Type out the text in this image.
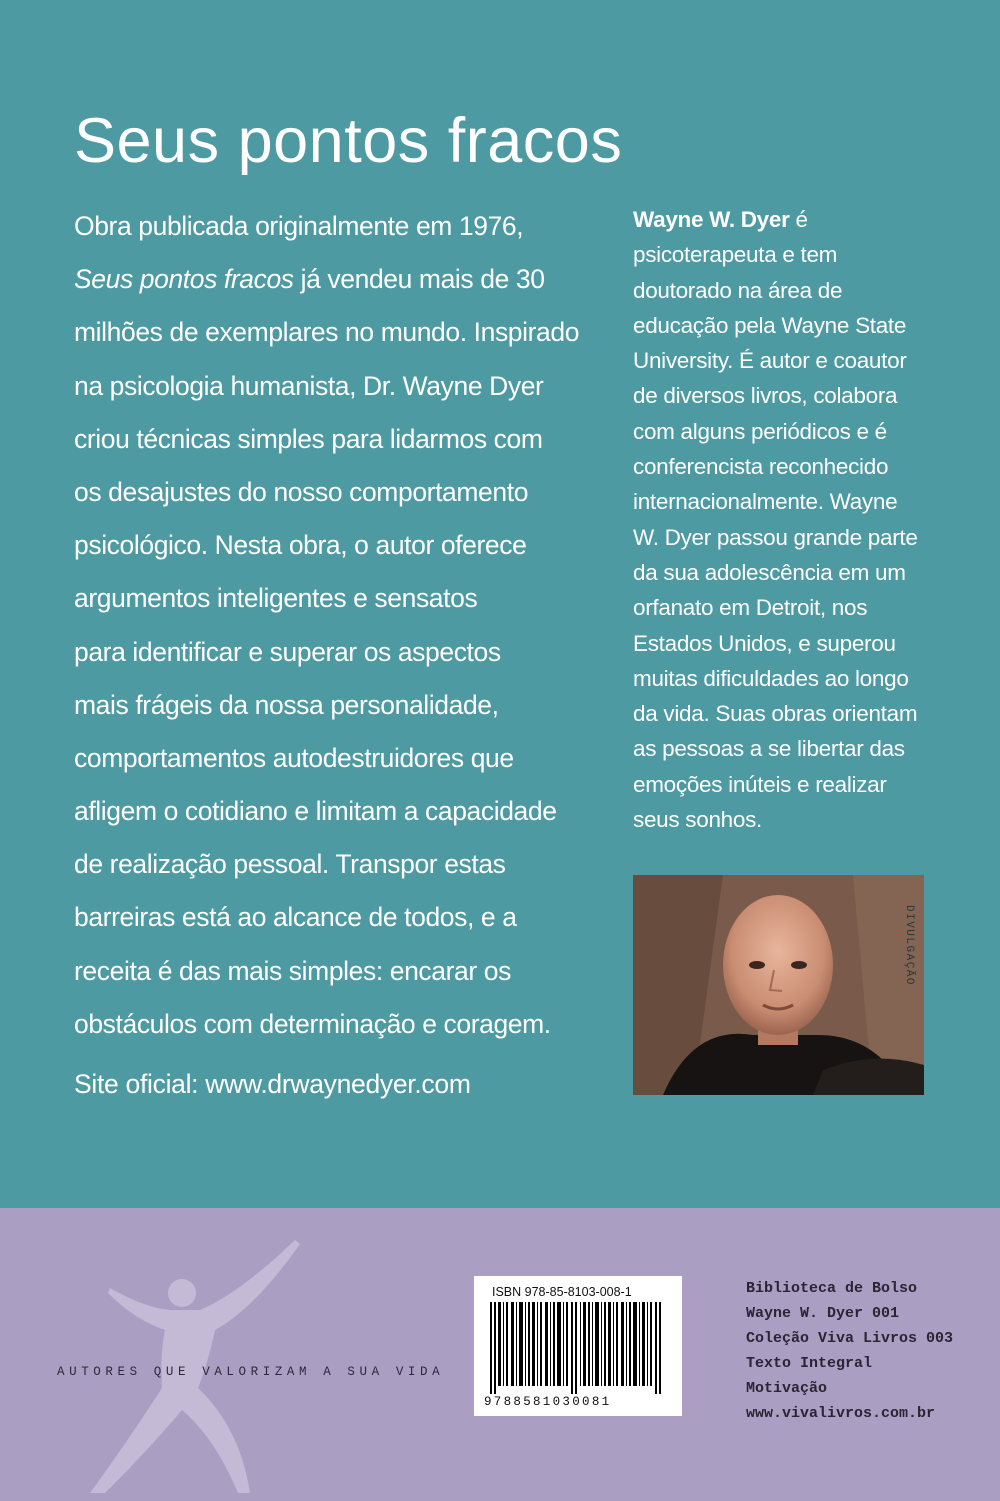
Seus pontos fracos
Obra publicada originalmente em 1976,
Seus pontos fracos já vendeu mais de 30
milhões de exemplares no mundo. Inspirado
na psicologia humanista, Dr. Wayne Dyer
criou técnicas simples para lidarmos com
os desajustes do nosso comportamento
psicológico. Nesta obra, o autor oferece
argumentos inteligentes e sensatos
para identificar e superar os aspectos
mais frágeis da nossa personalidade,
comportamentos autodestruidores que
afligem o cotidiano e limitam a capacidade
de realização pessoal. Transpor estas
barreiras está ao alcance de todos, e a
receita é das mais simples: encarar os
obstáculos com determinação e coragem.
Site oficial: www.drwaynedyer.com
Wayne W. Dyer é
psicoterapeuta e tem
doutorado na área de
educação pela Wayne State
University. É autor e coautor
de diversos livros, colabora
com alguns periódicos e é
conferencista reconhecido
internacionalmente. Wayne
W. Dyer passou grande parte
da sua adolescência em um
orfanato em Detroit, nos
Estados Unidos, e superou
muitas dificuldades ao longo
da vida. Suas obras orientam
as pessoas a se libertar das
emoções inúteis e realizar
seus sonhos.
DIVULGAÇÃO
AUTORES QUE VALORIZAM A SUA VIDA
ISBN 978-85-8103-008-1
9788581030081
Biblioteca de Bolso
Wayne W. Dyer 001
Coleção Viva Livros 003
Texto Integral
Motivação
www.vivalivros.com.br
